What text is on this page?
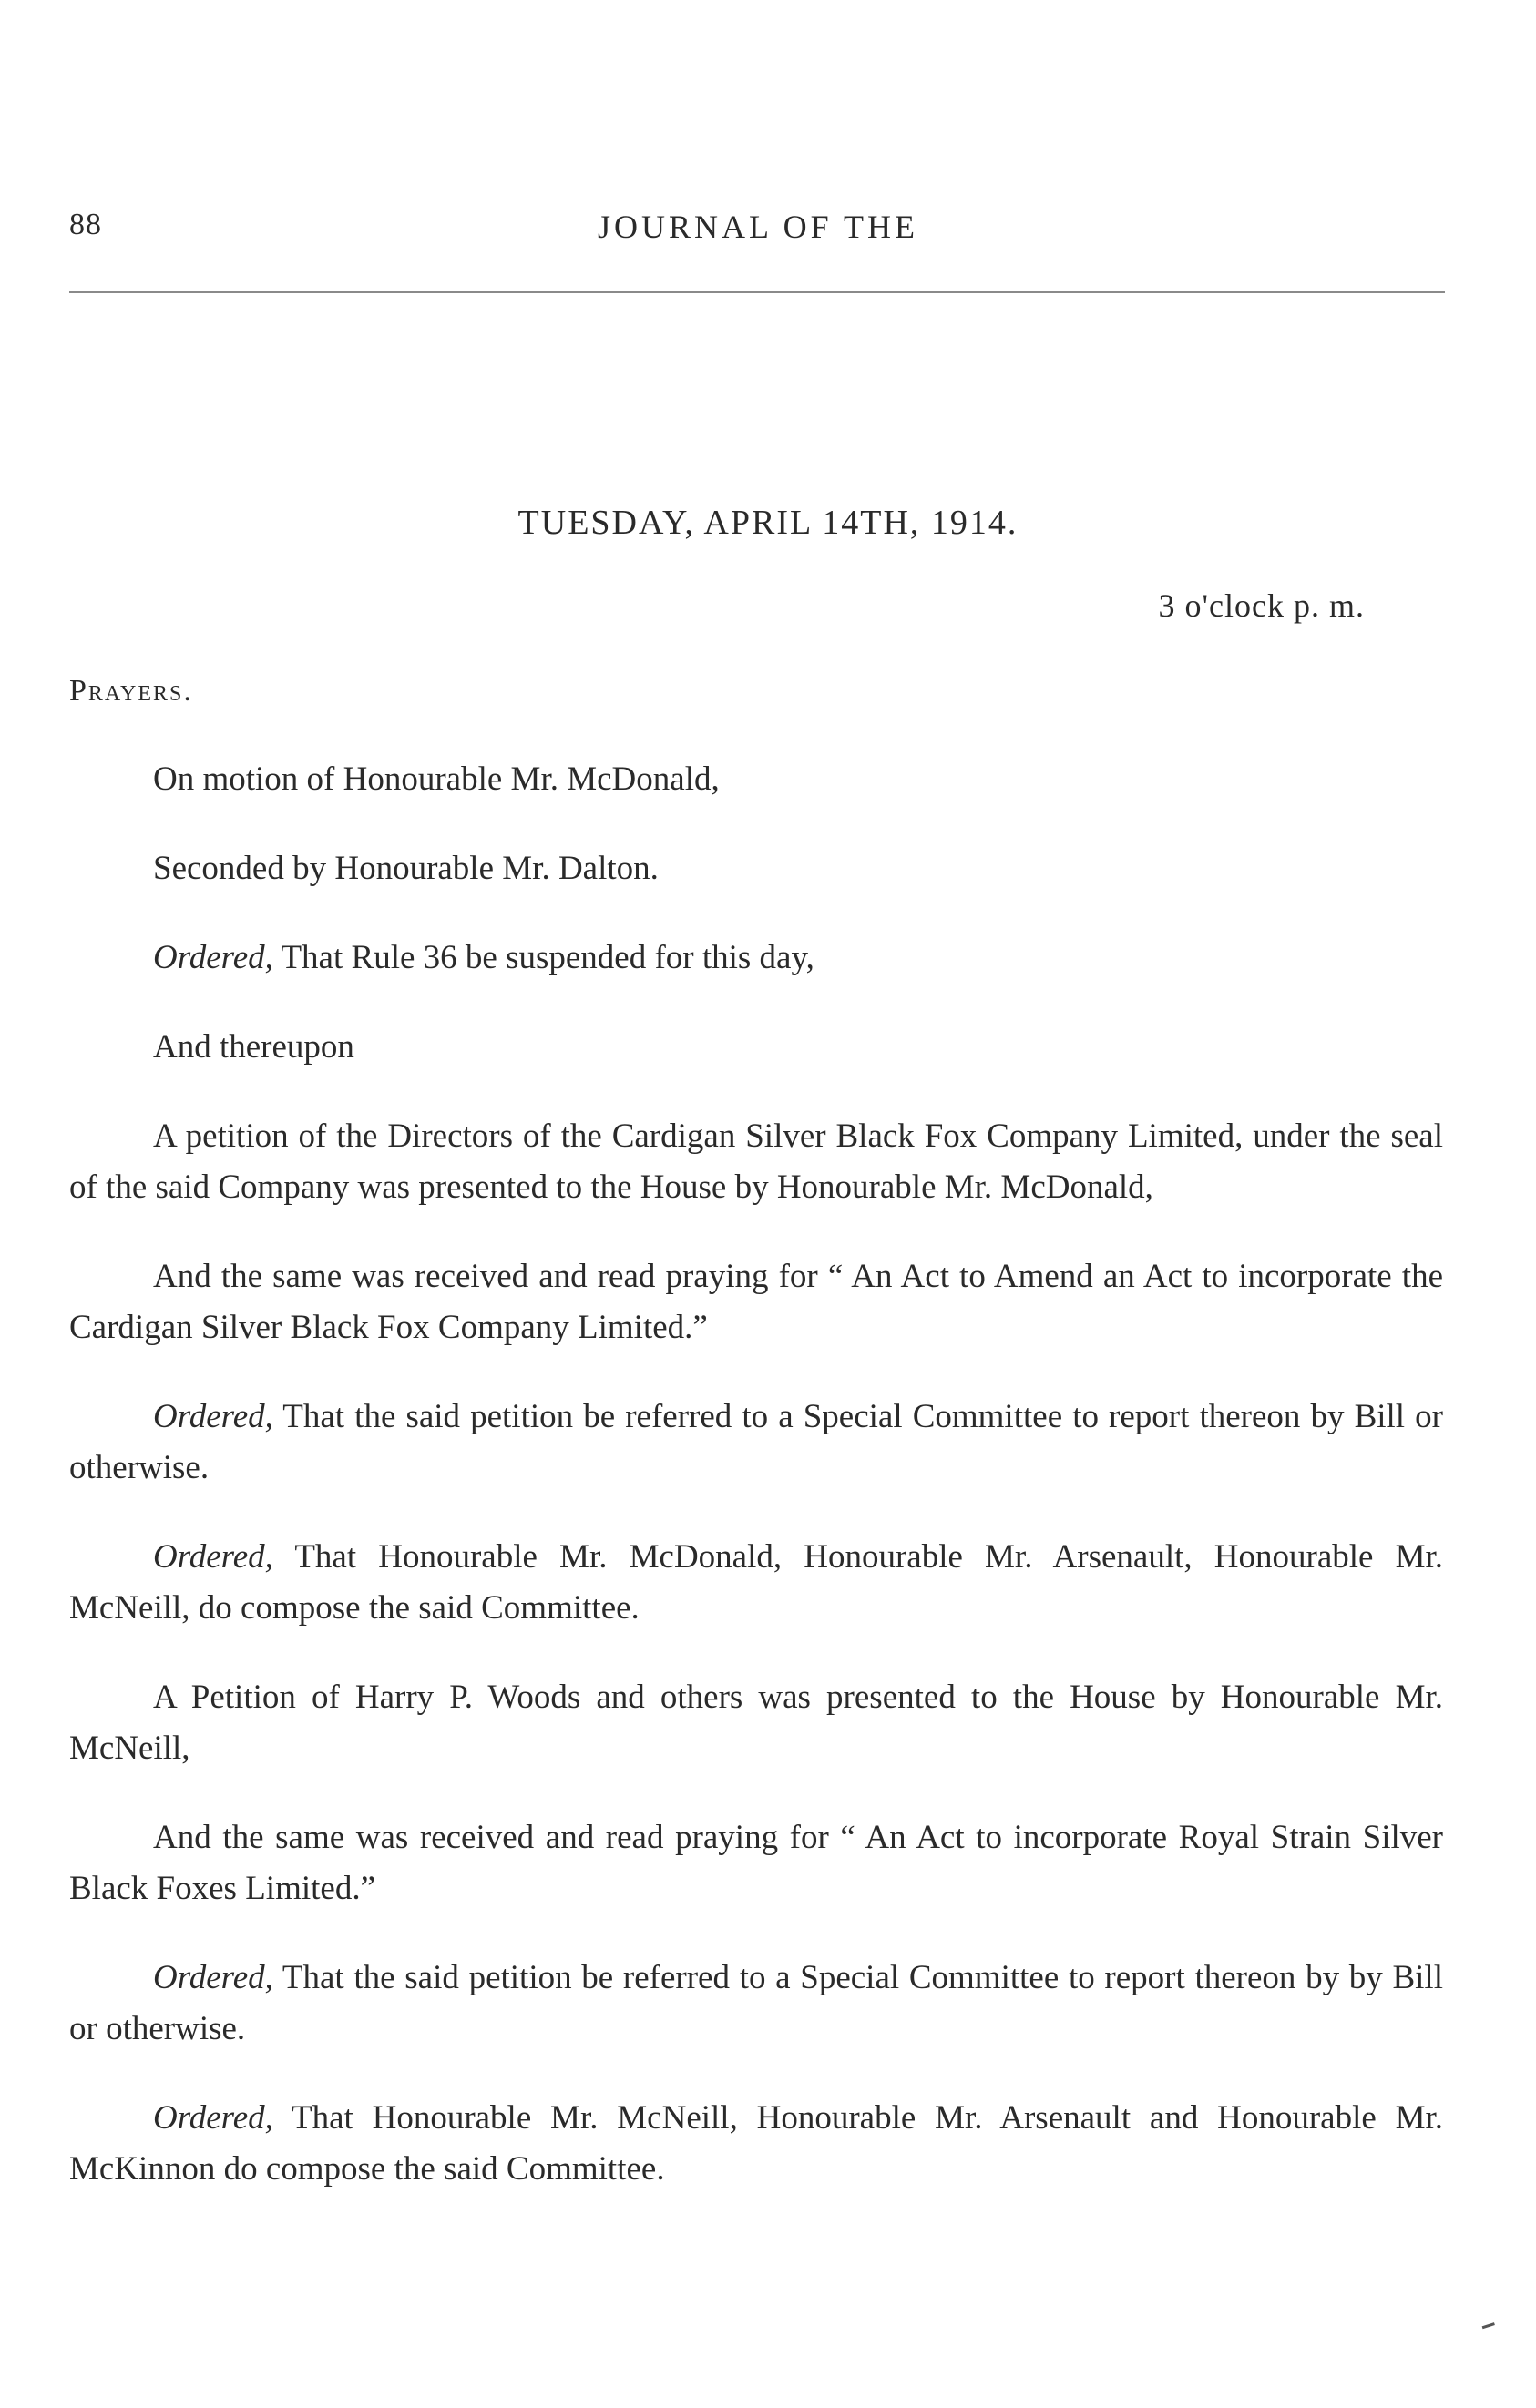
88	JOURNAL OF THE
TUESDAY, APRIL 14TH, 1914.
3 o'clock p. m.
Prayers.

On motion of Honourable Mr. McDonald,

Seconded by Honourable Mr. Dalton.

Ordered, That Rule 36 be suspended for this day,

And thereupon

A petition of the Directors of the Cardigan Silver Black Fox Company Limited, under the seal of the said Company was presented to the House by Honourable Mr. McDonald,

And the same was received and read praying for “ An Act to Amend an Act to incorporate the Cardigan Silver Black Fox Company Limited.”

Ordered, That the said petition be referred to a Special Committee to report thereon by Bill or otherwise.

Ordered, That Honourable Mr. McDonald, Honourable Mr. Arsenault, Honourable Mr. McNeill, do compose the said Committee.

A Petition of Harry P. Woods and others was presented to the House by Honourable Mr. McNeill,

And the same was received and read praying for “ An Act to incorporate Royal Strain Silver Black Foxes Limited.”

Ordered, That the said petition be referred to a Special Committee to report thereon by by Bill or otherwise.

Ordered, That Honourable Mr. McNeill, Honourable Mr. Arsenault and Honourable Mr. McKinnon do compose the said Committee.
